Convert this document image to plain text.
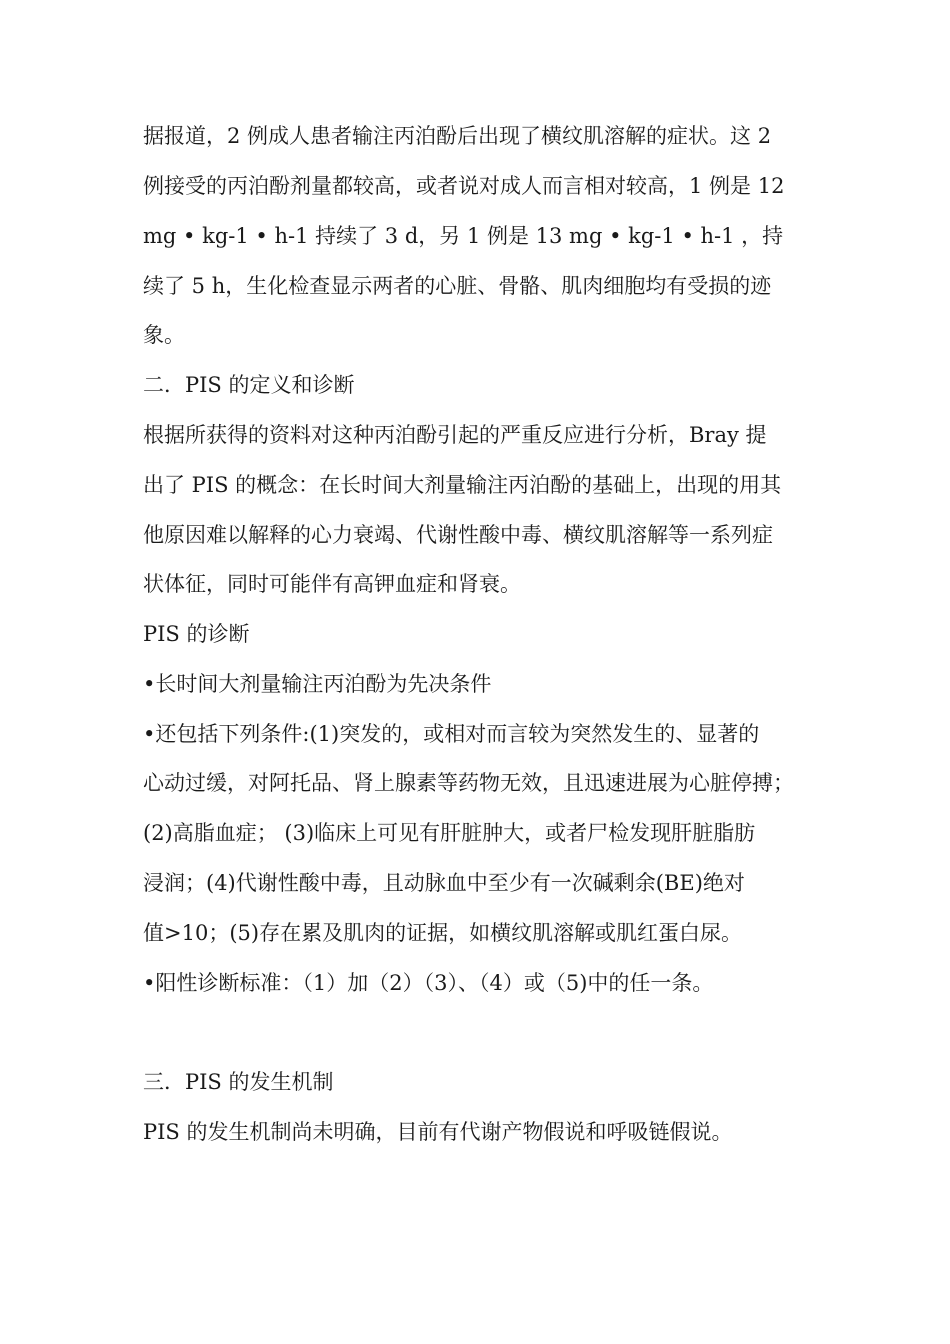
据报道，2 例成人患者输注丙泊酚后出现了横纹肌溶解的症状。这 2
例接受的丙泊酚剂量都较高，或者说对成人而言相对较高，1 例是 12
mg • kg-1 • h-1 持续了 3 d，另 1 例是 13 mg • kg-1 • h-1 ，持
续了 5 h，生化检查显示两者的心脏、骨骼、肌肉细胞均有受损的迹
象。
二．PIS 的定义和诊断
根据所获得的资料对这种丙泊酚引起的严重反应进行分析，Bray 提
出了 PIS 的概念：在长时间大剂量输注丙泊酚的基础上，出现的用其
他原因难以解释的心力衰竭、代谢性酸中毒、横纹肌溶解等一系列症
状体征，同时可能伴有高钾血症和肾衰。
PIS 的诊断
•长时间大剂量输注丙泊酚为先决条件
•还包括下列条件:(1)突发的，或相对而言较为突然发生的、显著的
心动过缓，对阿托品、肾上腺素等药物无效，且迅速进展为心脏停搏；
(2)高脂血症； (3)临床上可见有肝脏肿大，或者尸检发现肝脏脂肪
浸润；(4)代谢性酸中毒，且动脉血中至少有一次碱剩余(BE)绝对
值>10；(5)存在累及肌肉的证据，如横纹肌溶解或肌红蛋白尿。
•阳性诊断标准：（1）加（2）（3）、（4）或（5)中的任一条。
三．PIS 的发生机制
PIS 的发生机制尚未明确，目前有代谢产物假说和呼吸链假说。
